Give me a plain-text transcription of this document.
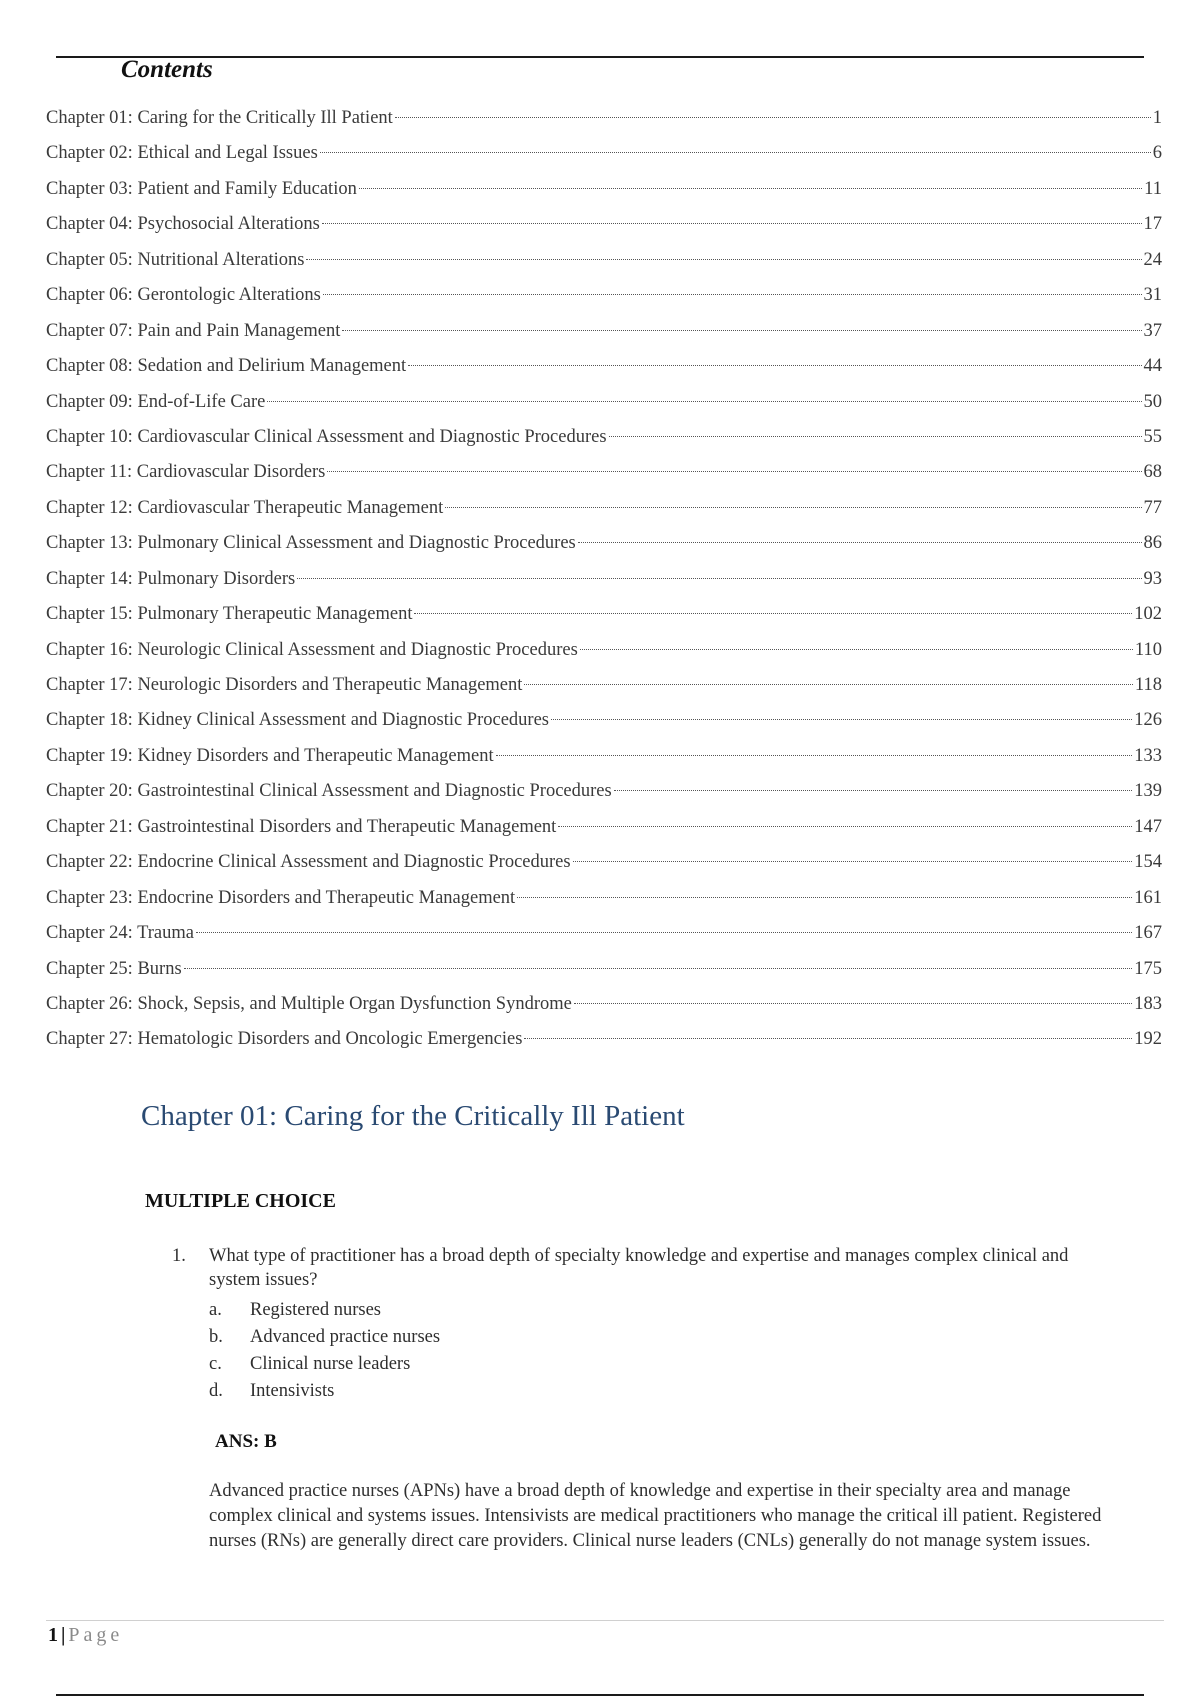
Contents
Chapter 01: Caring for the Critically Ill Patient	1
Chapter 02: Ethical and Legal Issues	6
Chapter 03: Patient and Family Education	11
Chapter 04: Psychosocial Alterations	17
Chapter 05: Nutritional Alterations	24
Chapter 06: Gerontologic Alterations	31
Chapter 07: Pain and Pain Management	37
Chapter 08: Sedation and Delirium Management	44
Chapter 09: End-of-Life Care	50
Chapter 10: Cardiovascular Clinical Assessment and Diagnostic Procedures	55
Chapter 11: Cardiovascular Disorders	68
Chapter 12: Cardiovascular Therapeutic Management	77
Chapter 13: Pulmonary Clinical Assessment and Diagnostic Procedures	86
Chapter 14: Pulmonary Disorders	93
Chapter 15: Pulmonary Therapeutic Management	102
Chapter 16: Neurologic Clinical Assessment and Diagnostic Procedures	110
Chapter 17: Neurologic Disorders and Therapeutic Management	118
Chapter 18: Kidney Clinical Assessment and Diagnostic Procedures	126
Chapter 19: Kidney Disorders and Therapeutic Management	133
Chapter 20: Gastrointestinal Clinical Assessment and Diagnostic Procedures	139
Chapter 21: Gastrointestinal Disorders and Therapeutic Management	147
Chapter 22: Endocrine Clinical Assessment and Diagnostic Procedures	154
Chapter 23: Endocrine Disorders and Therapeutic Management	161
Chapter 24: Trauma	167
Chapter 25: Burns	175
Chapter 26: Shock, Sepsis, and Multiple Organ Dysfunction Syndrome	183
Chapter 27: Hematologic Disorders and Oncologic Emergencies	192
Chapter 01: Caring for the Critically Ill Patient
MULTIPLE CHOICE
1. What type of practitioner has a broad depth of specialty knowledge and expertise and manages complex clinical and system issues?
a.	Registered nurses
b.	Advanced practice nurses
c.	Clinical nurse leaders
d.	Intensivists
ANS: B
Advanced practice nurses (APNs) have a broad depth of knowledge and expertise in their specialty area and manage complex clinical and systems issues. Intensivists are medical practitioners who manage the critical ill patient. Registered nurses (RNs) are generally direct care providers. Clinical nurse leaders (CNLs) generally do not manage system issues.
1 | Page
